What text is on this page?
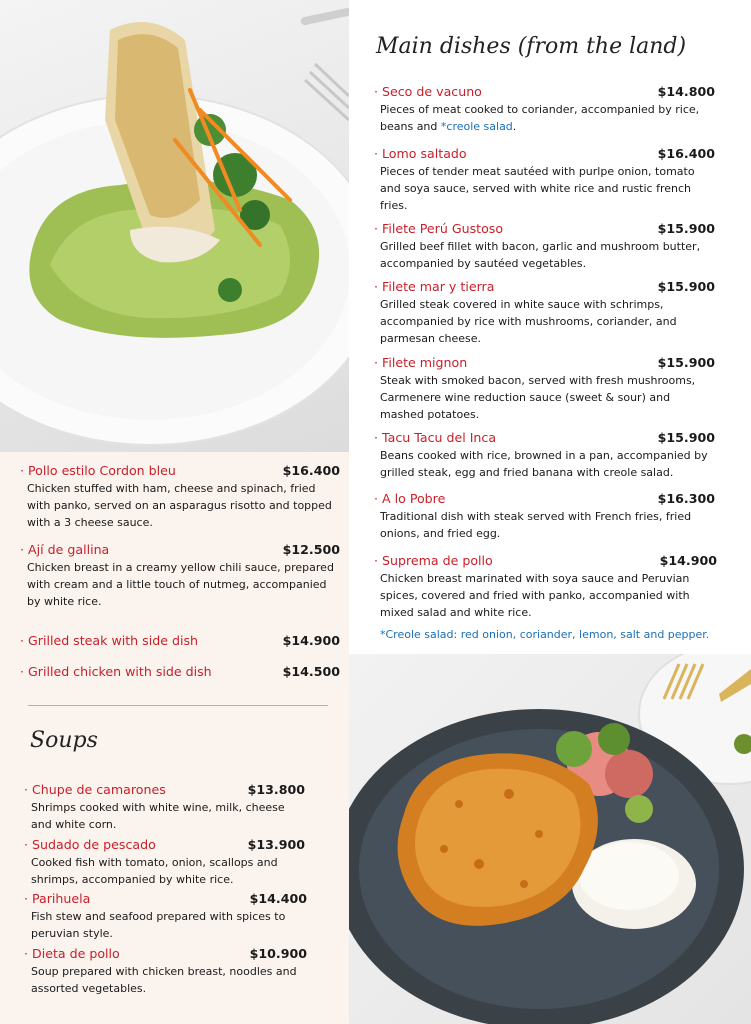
Main dishes (from the land)
· Seco de vacuno	$14.800
Pieces of meat cooked to coriander, accompanied by rice, beans and *creole salad.
· Lomo saltado	$16.400
Pieces of tender meat sautéed with purlpe onion, tomato and soya sauce, served with white rice and rustic french fries.
· Filete Perú Gustoso	$15.900
Grilled beef fillet with bacon, garlic and mushroom butter, accompanied by sautéed vegetables.
· Filete mar y tierra	$15.900
Grilled steak covered in white sauce with schrimps, accompanied by rice with mushrooms, coriander, and parmesan cheese.
· Filete mignon	$15.900
Steak with smoked bacon, served with fresh mushrooms, Carmenere wine reduction sauce (sweet & sour) and mashed potatoes.
· Tacu Tacu del Inca	$15.900
Beans cooked with rice, browned in a pan, accompanied by grilled steak, egg and fried banana with creole salad.
· A lo Pobre	$16.300
Traditional dish with steak served with French fries, fried onions, and fried egg.
· Suprema de pollo	$14.900
Chicken breast marinated with soya sauce and Peruvian spices, covered and fried with panko, accompanied with mixed salad and white rice.
*Creole salad: red onion, coriander, lemon, salt and pepper.
· Pollo estilo Cordon bleu	$16.400
Chicken stuffed with ham, cheese and spinach, fried with panko, served on an asparagus risotto and topped with a 3 cheese sauce.
· Ají de gallina	$12.500
Chicken breast in a creamy yellow chili sauce, prepared with cream and a little touch of nutmeg, accompanied by white rice.
· Grilled steak with side dish	$14.900
· Grilled chicken with side dish	$14.500
Soups
· Chupe de camarones	$13.800
Shrimps cooked with white wine, milk, cheese and white corn.
· Sudado de pescado	$13.900
Cooked fish with tomato, onion, scallops and shrimps, accompanied by white rice.
· Parihuela	$14.400
Fish stew and seafood prepared with spices to peruvian style.
· Dieta de pollo	$10.900
Soup prepared with chicken breast, noodles and assorted vegetables.
